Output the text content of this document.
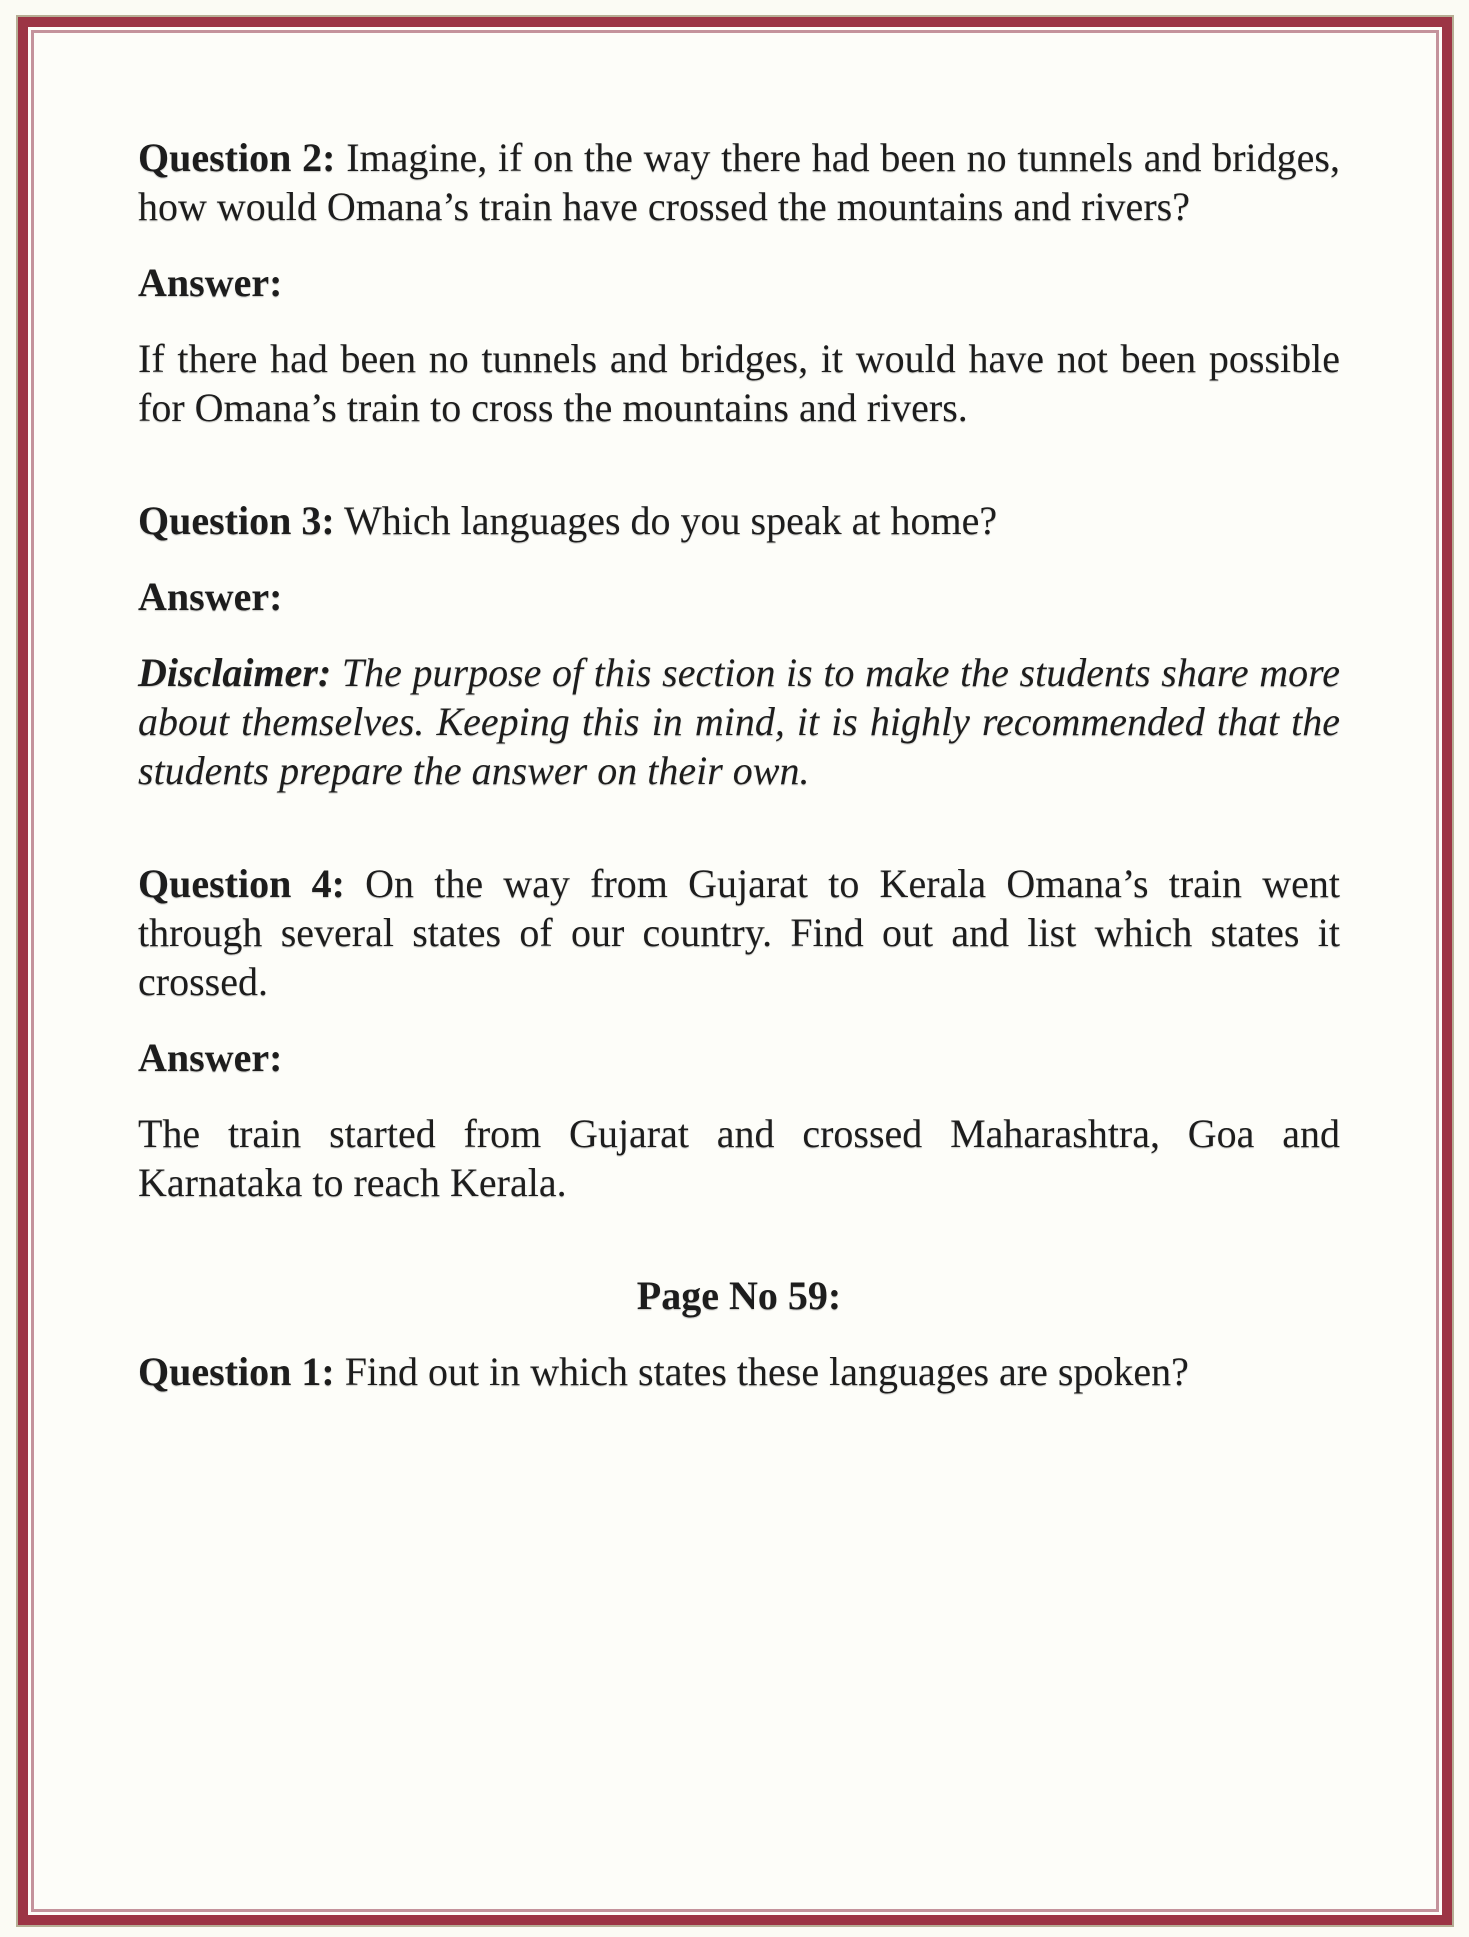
Question 2: Imagine, if on the way there had been no tunnels and bridges, how would Omana’s train have crossed the mountains and rivers?

Answer:

If there had been no tunnels and bridges, it would have not been possible for Omana’s train to cross the mountains and rivers.

Question 3: Which languages do you speak at home?

Answer:

Disclaimer: The purpose of this section is to make the students share more about themselves. Keeping this in mind, it is highly recommended that the students prepare the answer on their own.

Question 4: On the way from Gujarat to Kerala Omana’s train went through several states of our country. Find out and list which states it crossed.

Answer:

The train started from Gujarat and crossed Maharashtra, Goa and Karnataka to reach Kerala.

Page No 59:

Question 1: Find out in which states these languages are spoken?
